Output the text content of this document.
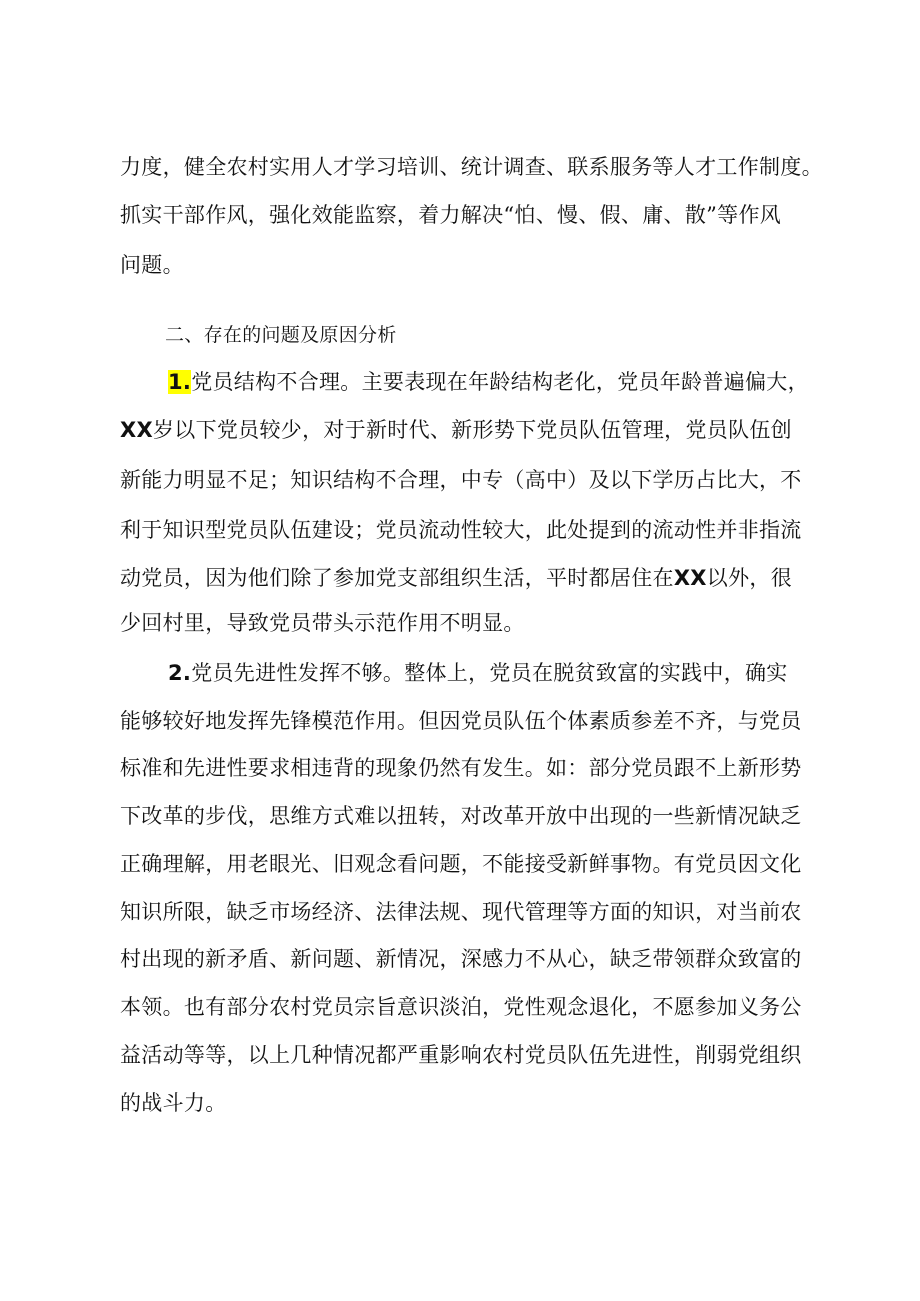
力度，健全农村实用人才学习培训、统计调查、联系服务等人才工作制度。
抓实干部作风，强化效能监察，着力解决“怕、慢、假、庸、散”等作风
问题。
二、存在的问题及原因分析
1.党员结构不合理。主要表现在年龄结构老化，党员年龄普遍偏大，
XX岁以下党员较少，对于新时代、新形势下党员队伍管理，党员队伍创
新能力明显不足；知识结构不合理，中专（高中）及以下学历占比大，不
利于知识型党员队伍建设；党员流动性较大，此处提到的流动性并非指流
动党员，因为他们除了参加党支部组织生活，平时都居住在XX以外，很
少回村里，导致党员带头示范作用不明显。
2.党员先进性发挥不够。整体上，党员在脱贫致富的实践中，确实
能够较好地发挥先锋模范作用。但因党员队伍个体素质参差不齐，与党员
标准和先进性要求相违背的现象仍然有发生。如：部分党员跟不上新形势
下改革的步伐，思维方式难以扭转，对改革开放中出现的一些新情况缺乏
正确理解，用老眼光、旧观念看问题，不能接受新鲜事物。有党员因文化
知识所限，缺乏市场经济、法律法规、现代管理等方面的知识，对当前农
村出现的新矛盾、新问题、新情况，深感力不从心，缺乏带领群众致富的
本领。也有部分农村党员宗旨意识淡泊，党性观念退化，不愿参加义务公
益活动等等，以上几种情况都严重影响农村党员队伍先进性，削弱党组织
的战斗力。
